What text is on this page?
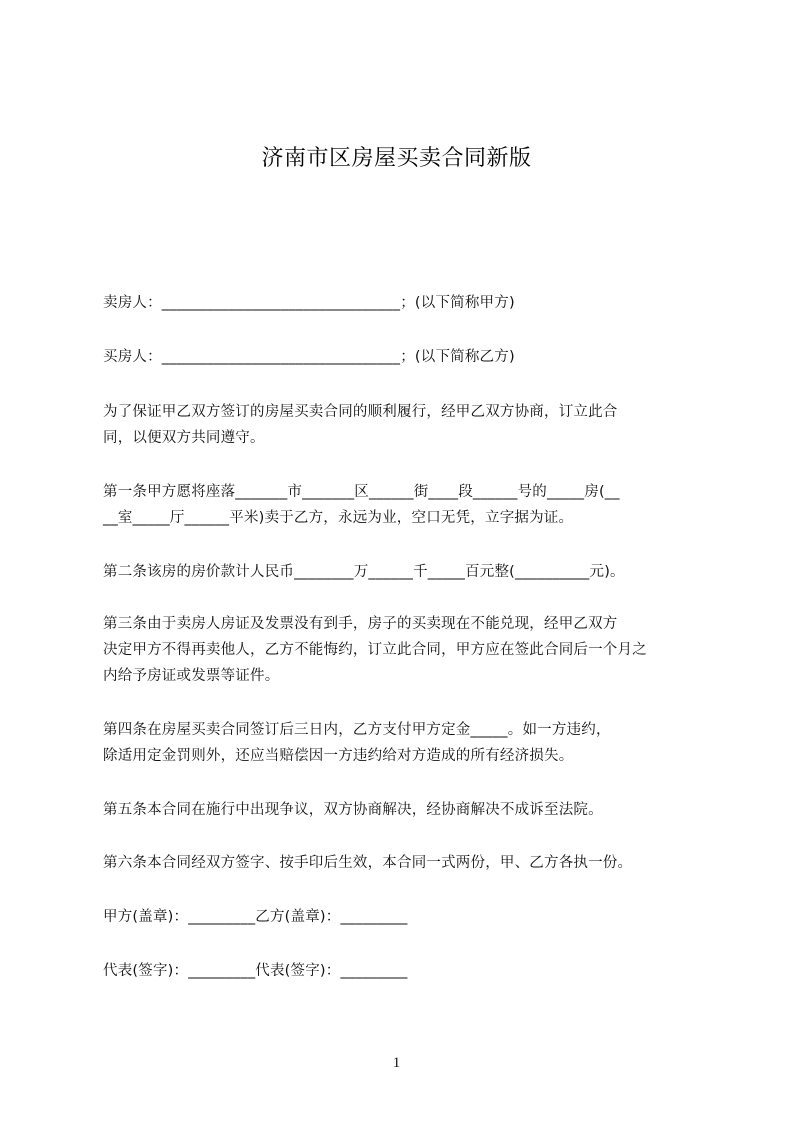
济南市区房屋买卖合同新版
卖房人：________________________________；(以下简称甲方)
买房人：________________________________；(以下简称乙方)
为了保证甲乙双方签订的房屋买卖合同的顺利履行，经甲乙双方协商，订立此合
同，以便双方共同遵守。
第一条甲方愿将座落_______市_______区______街____段______号的_____房(__
__室_____厅______平米)卖于乙方，永远为业，空口无凭，立字据为证。
第二条该房的房价款计人民币________万______千_____百元整(__________元)。
第三条由于卖房人房证及发票没有到手，房子的买卖现在不能兑现，经甲乙双方
决定甲方不得再卖他人，乙方不能悔约，订立此合同，甲方应在签此合同后一个月之
内给予房证或发票等证件。
第四条在房屋买卖合同签订后三日内，乙方支付甲方定金_____。如一方违约，
除适用定金罚则外，还应当赔偿因一方违约给对方造成的所有经济损失。
第五条本合同在施行中出现争议，双方协商解决，经协商解决不成诉至法院。
第六条本合同经双方签字、按手印后生效，本合同一式两份，甲、乙方各执一份。
甲方(盖章)：_________乙方(盖章)：_________
代表(签字)：_________代表(签字)：_________
1
